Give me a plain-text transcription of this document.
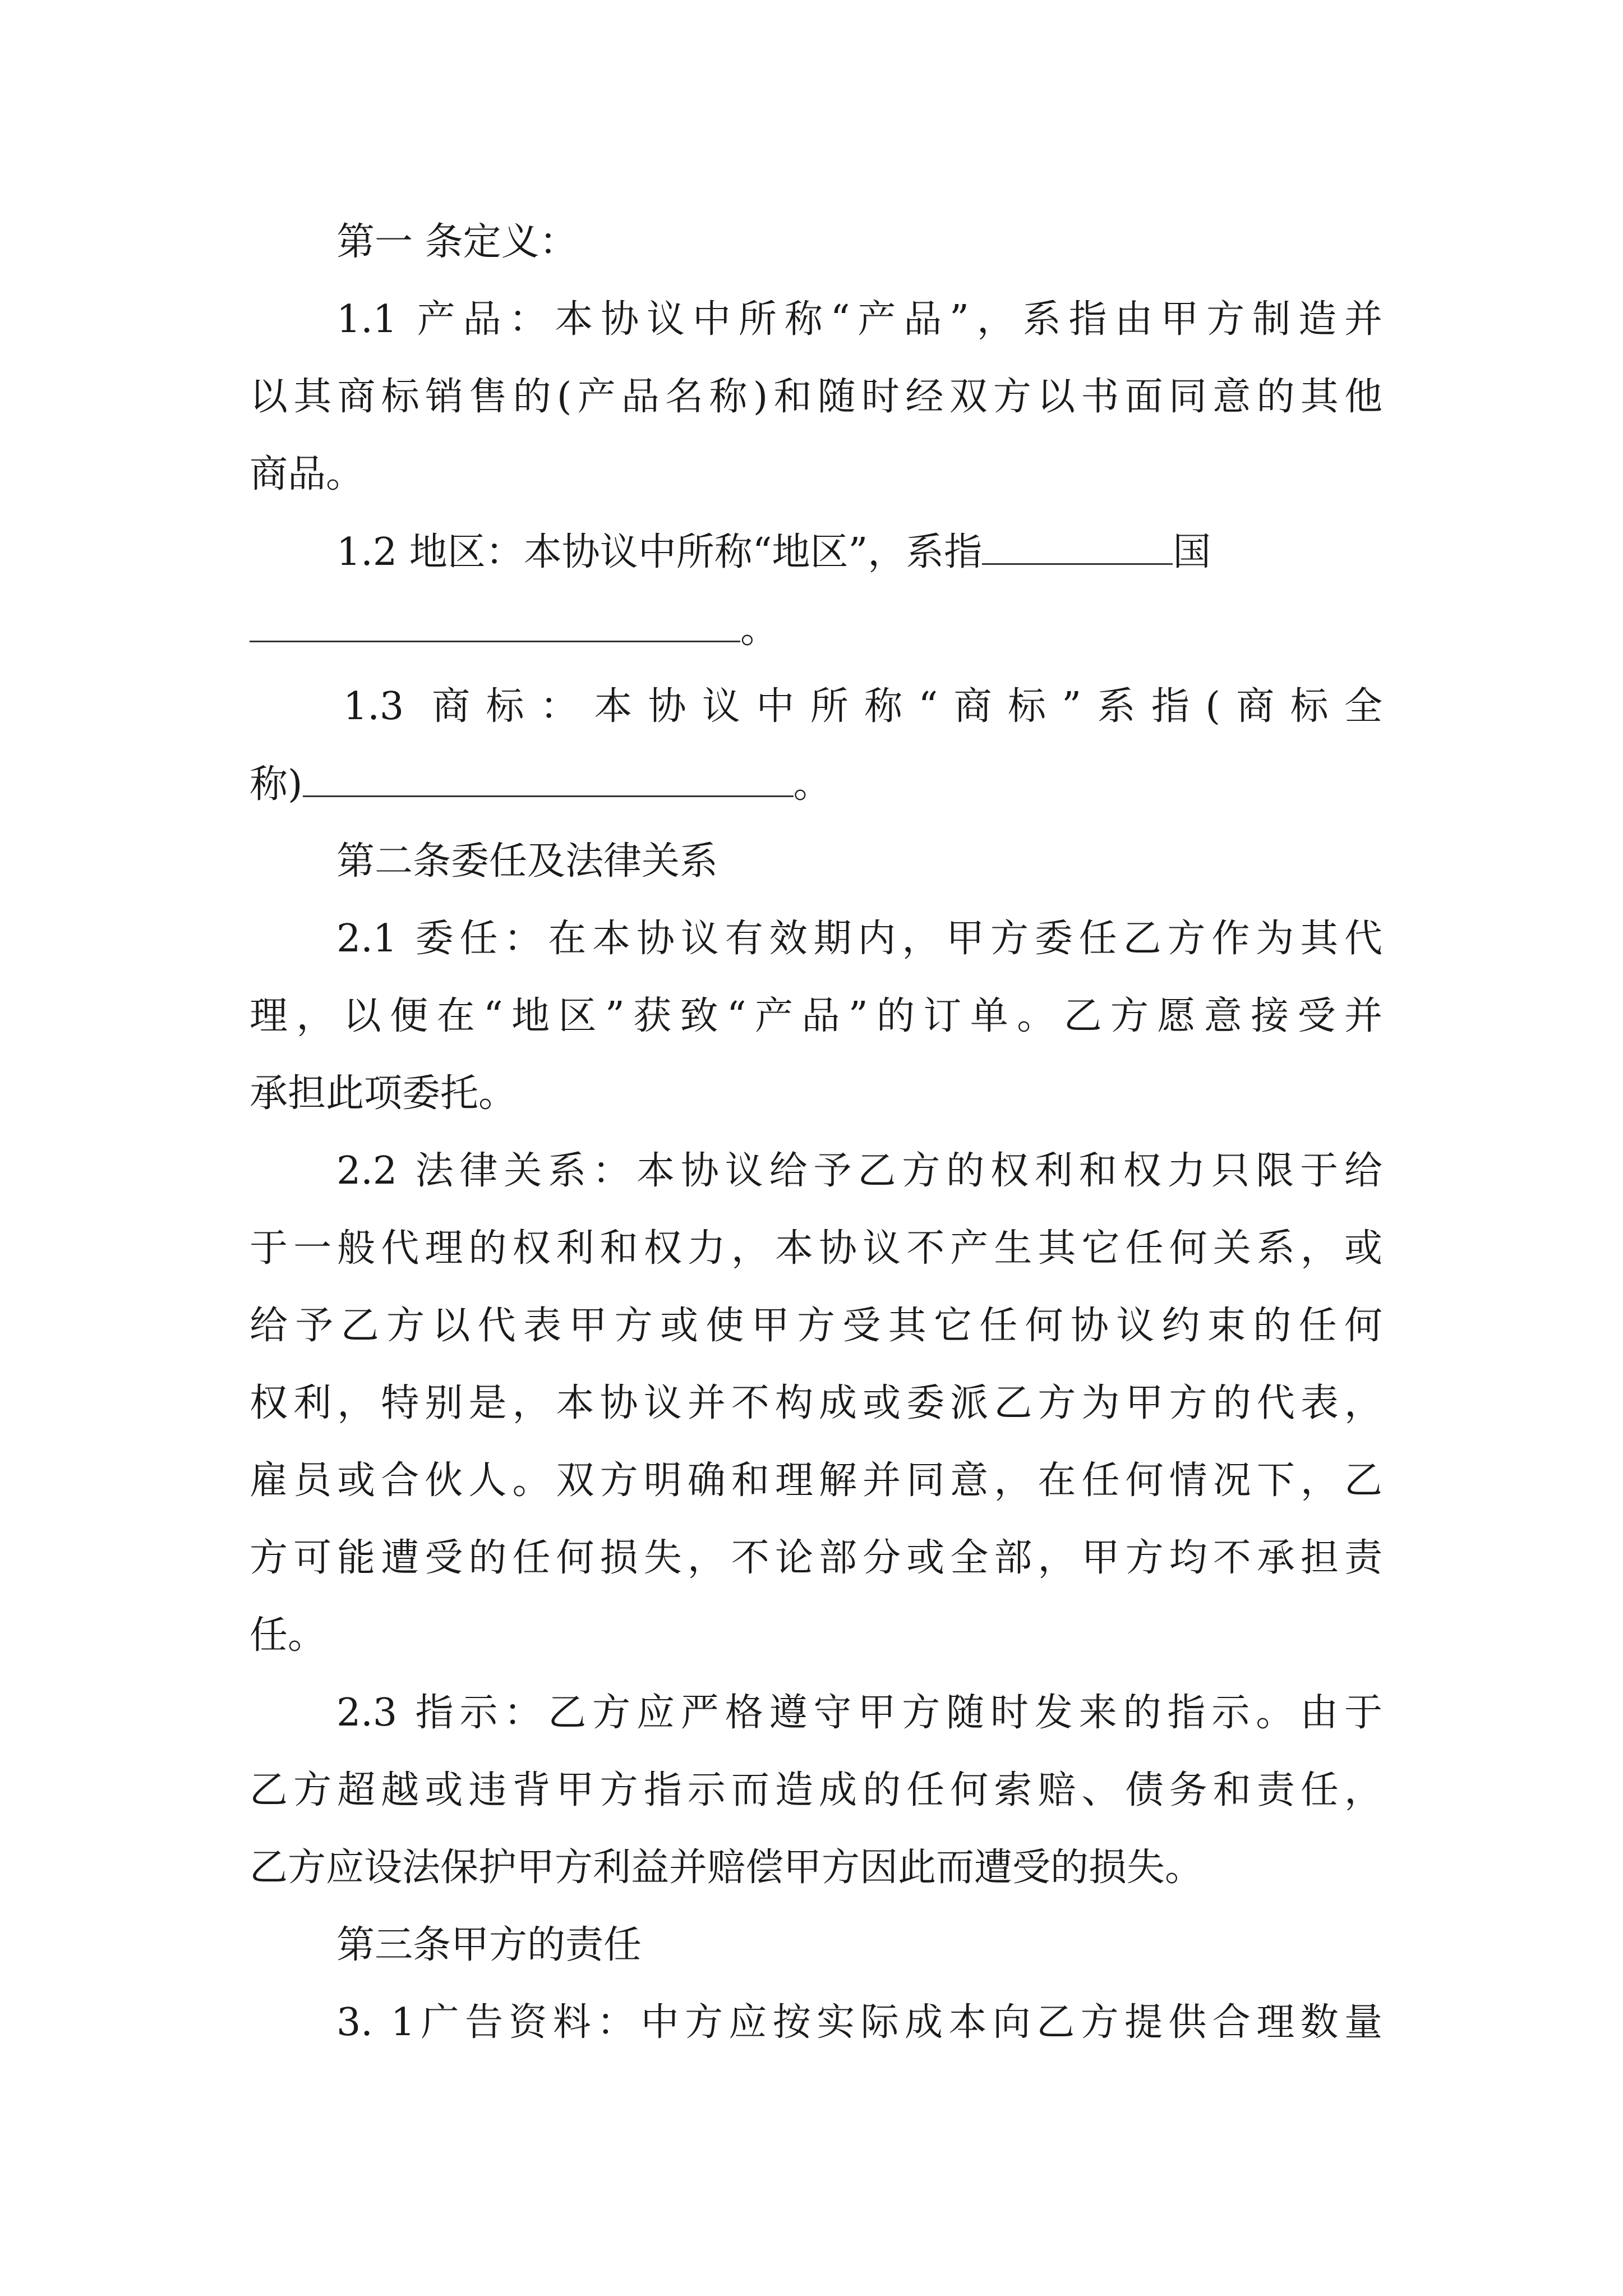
第一 条定义：
1.1 产品：本协议中所称“产品”，系指由甲方制造并
以其商标销售的(产品名称)和随时经双方以书面同意的其他
商品。
1.2 地区：本协议中所称“地区”，系指	国
。
1.3 商标：本协议中所称“商标”系指(商标全
称)	。
第二条委任及法律关系
2.1 委任：在本协议有效期内，甲方委任乙方作为其代
理，以便在“地区”获致“产品”的订单。乙方愿意接受并
承担此项委托。
2.2 法律关系：本协议给予乙方的权利和权力只限于给
于一般代理的权利和权力，本协议不产生其它任何关系，或
给予乙方以代表甲方或使甲方受其它任何协议约束的任何
权利，特别是，本协议并不构成或委派乙方为甲方的代表，
雇员或合伙人。双方明确和理解并同意，在任何情况下，乙
方可能遭受的任何损失，不论部分或全部，甲方均不承担责
任。
2.3 指示：乙方应严格遵守甲方随时发来的指示。由于
乙方超越或违背甲方指示而造成的任何索赔、债务和责任，
乙方应设法保护甲方利益并赔偿甲方因此而遭受的损失。
第三条甲方的责任
3. 1广告资料：中方应按实际成本向乙方提供合理数量
